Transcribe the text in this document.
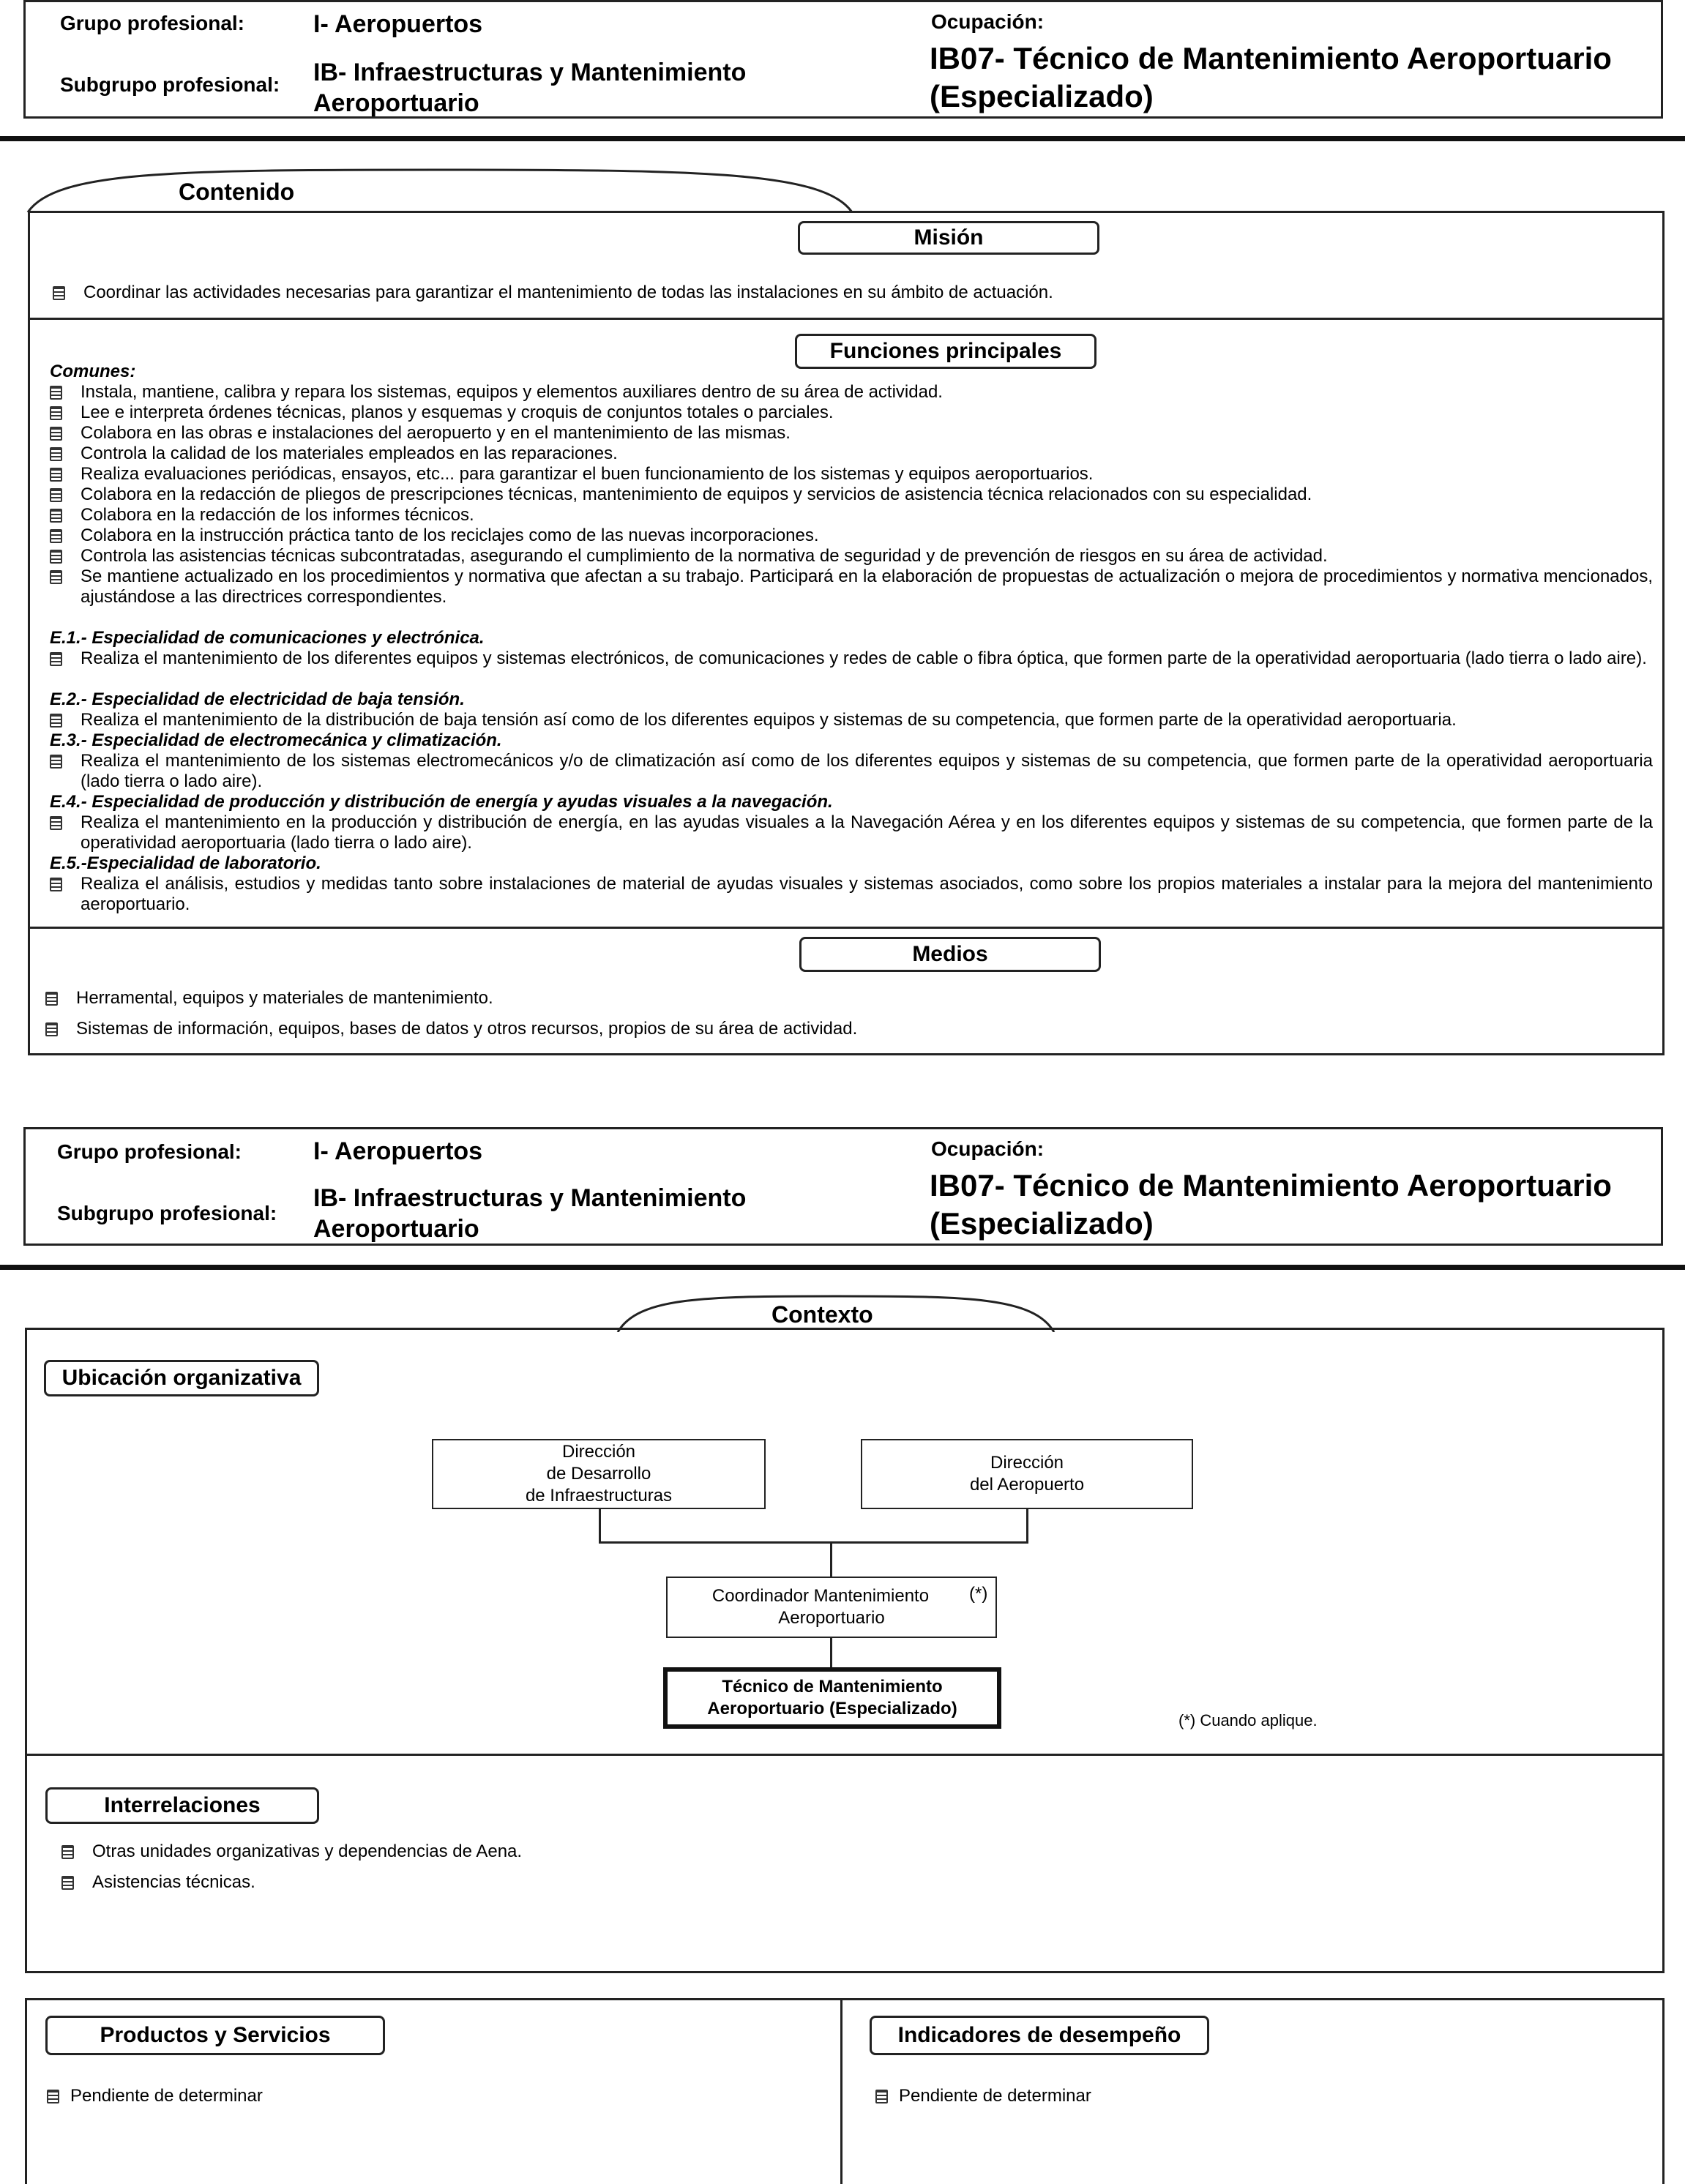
Grupo profesional:	I- Aeropuertos
Subgrupo profesional: IB- Infraestructuras y Mantenimiento
Aeroportuario
Ocupación:
IB07- Técnico de Mantenimiento Aeroportuario
(Especializado)
Contenido
Misión
Coordinar las actividades necesarias para garantizar el mantenimiento de todas las instalaciones en su ámbito de actuación.
Funciones principales
Comunes:
Instala, mantiene, calibra y repara los sistemas, equipos y elementos auxiliares dentro de su área de actividad.
Lee e interpreta órdenes técnicas, planos y esquemas y croquis de conjuntos totales o parciales.
Colabora en las obras e instalaciones del aeropuerto y en el mantenimiento de las mismas.
Controla la calidad de los materiales empleados en las reparaciones.
Realiza evaluaciones periódicas, ensayos, etc... para garantizar el buen funcionamiento de los sistemas y equipos aeroportuarios.
Colabora en la redacción de pliegos de prescripciones técnicas, mantenimiento de equipos y servicios de asistencia técnica relacionados con su especialidad.
Colabora en la redacción de los informes técnicos.
Colabora en la instrucción práctica tanto de los reciclajes como de las nuevas incorporaciones.
Controla las asistencias técnicas subcontratadas, asegurando el cumplimiento de la normativa de seguridad y de prevención de riesgos en su área de actividad.
Se mantiene actualizado en los procedimientos y normativa que afectan a su trabajo. Participará en la elaboración de propuestas de actualización o mejora de procedimientos y normativa mencionados, ajustándose a las directrices correspondientes.
E.1.- Especialidad de comunicaciones y electrónica.
Realiza el mantenimiento de los diferentes equipos y sistemas electrónicos, de comunicaciones y redes de cable o fibra óptica, que formen parte de la operatividad aeroportuaria (lado tierra o lado aire).
E.2.- Especialidad de electricidad de baja tensión.
Realiza el mantenimiento de la distribución de baja tensión así como de los diferentes equipos y sistemas de su competencia, que formen parte de la operatividad aeroportuaria.
E.3.- Especialidad de electromecánica y climatización.
Realiza el mantenimiento de los sistemas electromecánicos y/o de climatización así como de los diferentes equipos y sistemas de su competencia, que formen parte de la operatividad aeroportuaria (lado tierra o lado aire).
E.4.- Especialidad de producción y distribución de energía y ayudas visuales a la navegación.
Realiza el mantenimiento en la producción y distribución de energía, en las ayudas visuales a la Navegación Aérea y en los diferentes equipos y sistemas de su competencia, que formen parte de la operatividad aeroportuaria (lado tierra o lado aire).
E.5.-Especialidad de laboratorio.
Realiza el análisis, estudios y medidas tanto sobre instalaciones de material de ayudas visuales y sistemas asociados, como sobre los propios materiales a instalar para la mejora del mantenimiento aeroportuario.
Medios
Herramental, equipos y materiales de mantenimiento.
Sistemas de información, equipos, bases de datos y otros recursos, propios de su área de actividad.
Grupo profesional:	I- Aeropuertos
Subgrupo profesional:
IB- Infraestructuras y Mantenimiento
Aeroportuario
Ocupación:
IB07- Técnico de Mantenimiento Aeroportuario
(Especializado)
Contexto
Ubicación organizativa
Dirección
de Desarrollo
de Infraestructuras
Dirección
del Aeropuerto
Coordinador Mantenimiento
Aeroportuario
(*)
Técnico de Mantenimiento
Aeroportuario (Especializado)
(*) Cuando aplique.
Interrelaciones
Otras unidades organizativas y dependencias de Aena.
Asistencias técnicas.
Productos y Servicios
Pendiente de determinar
Indicadores de desempeño
Pendiente de determinar
